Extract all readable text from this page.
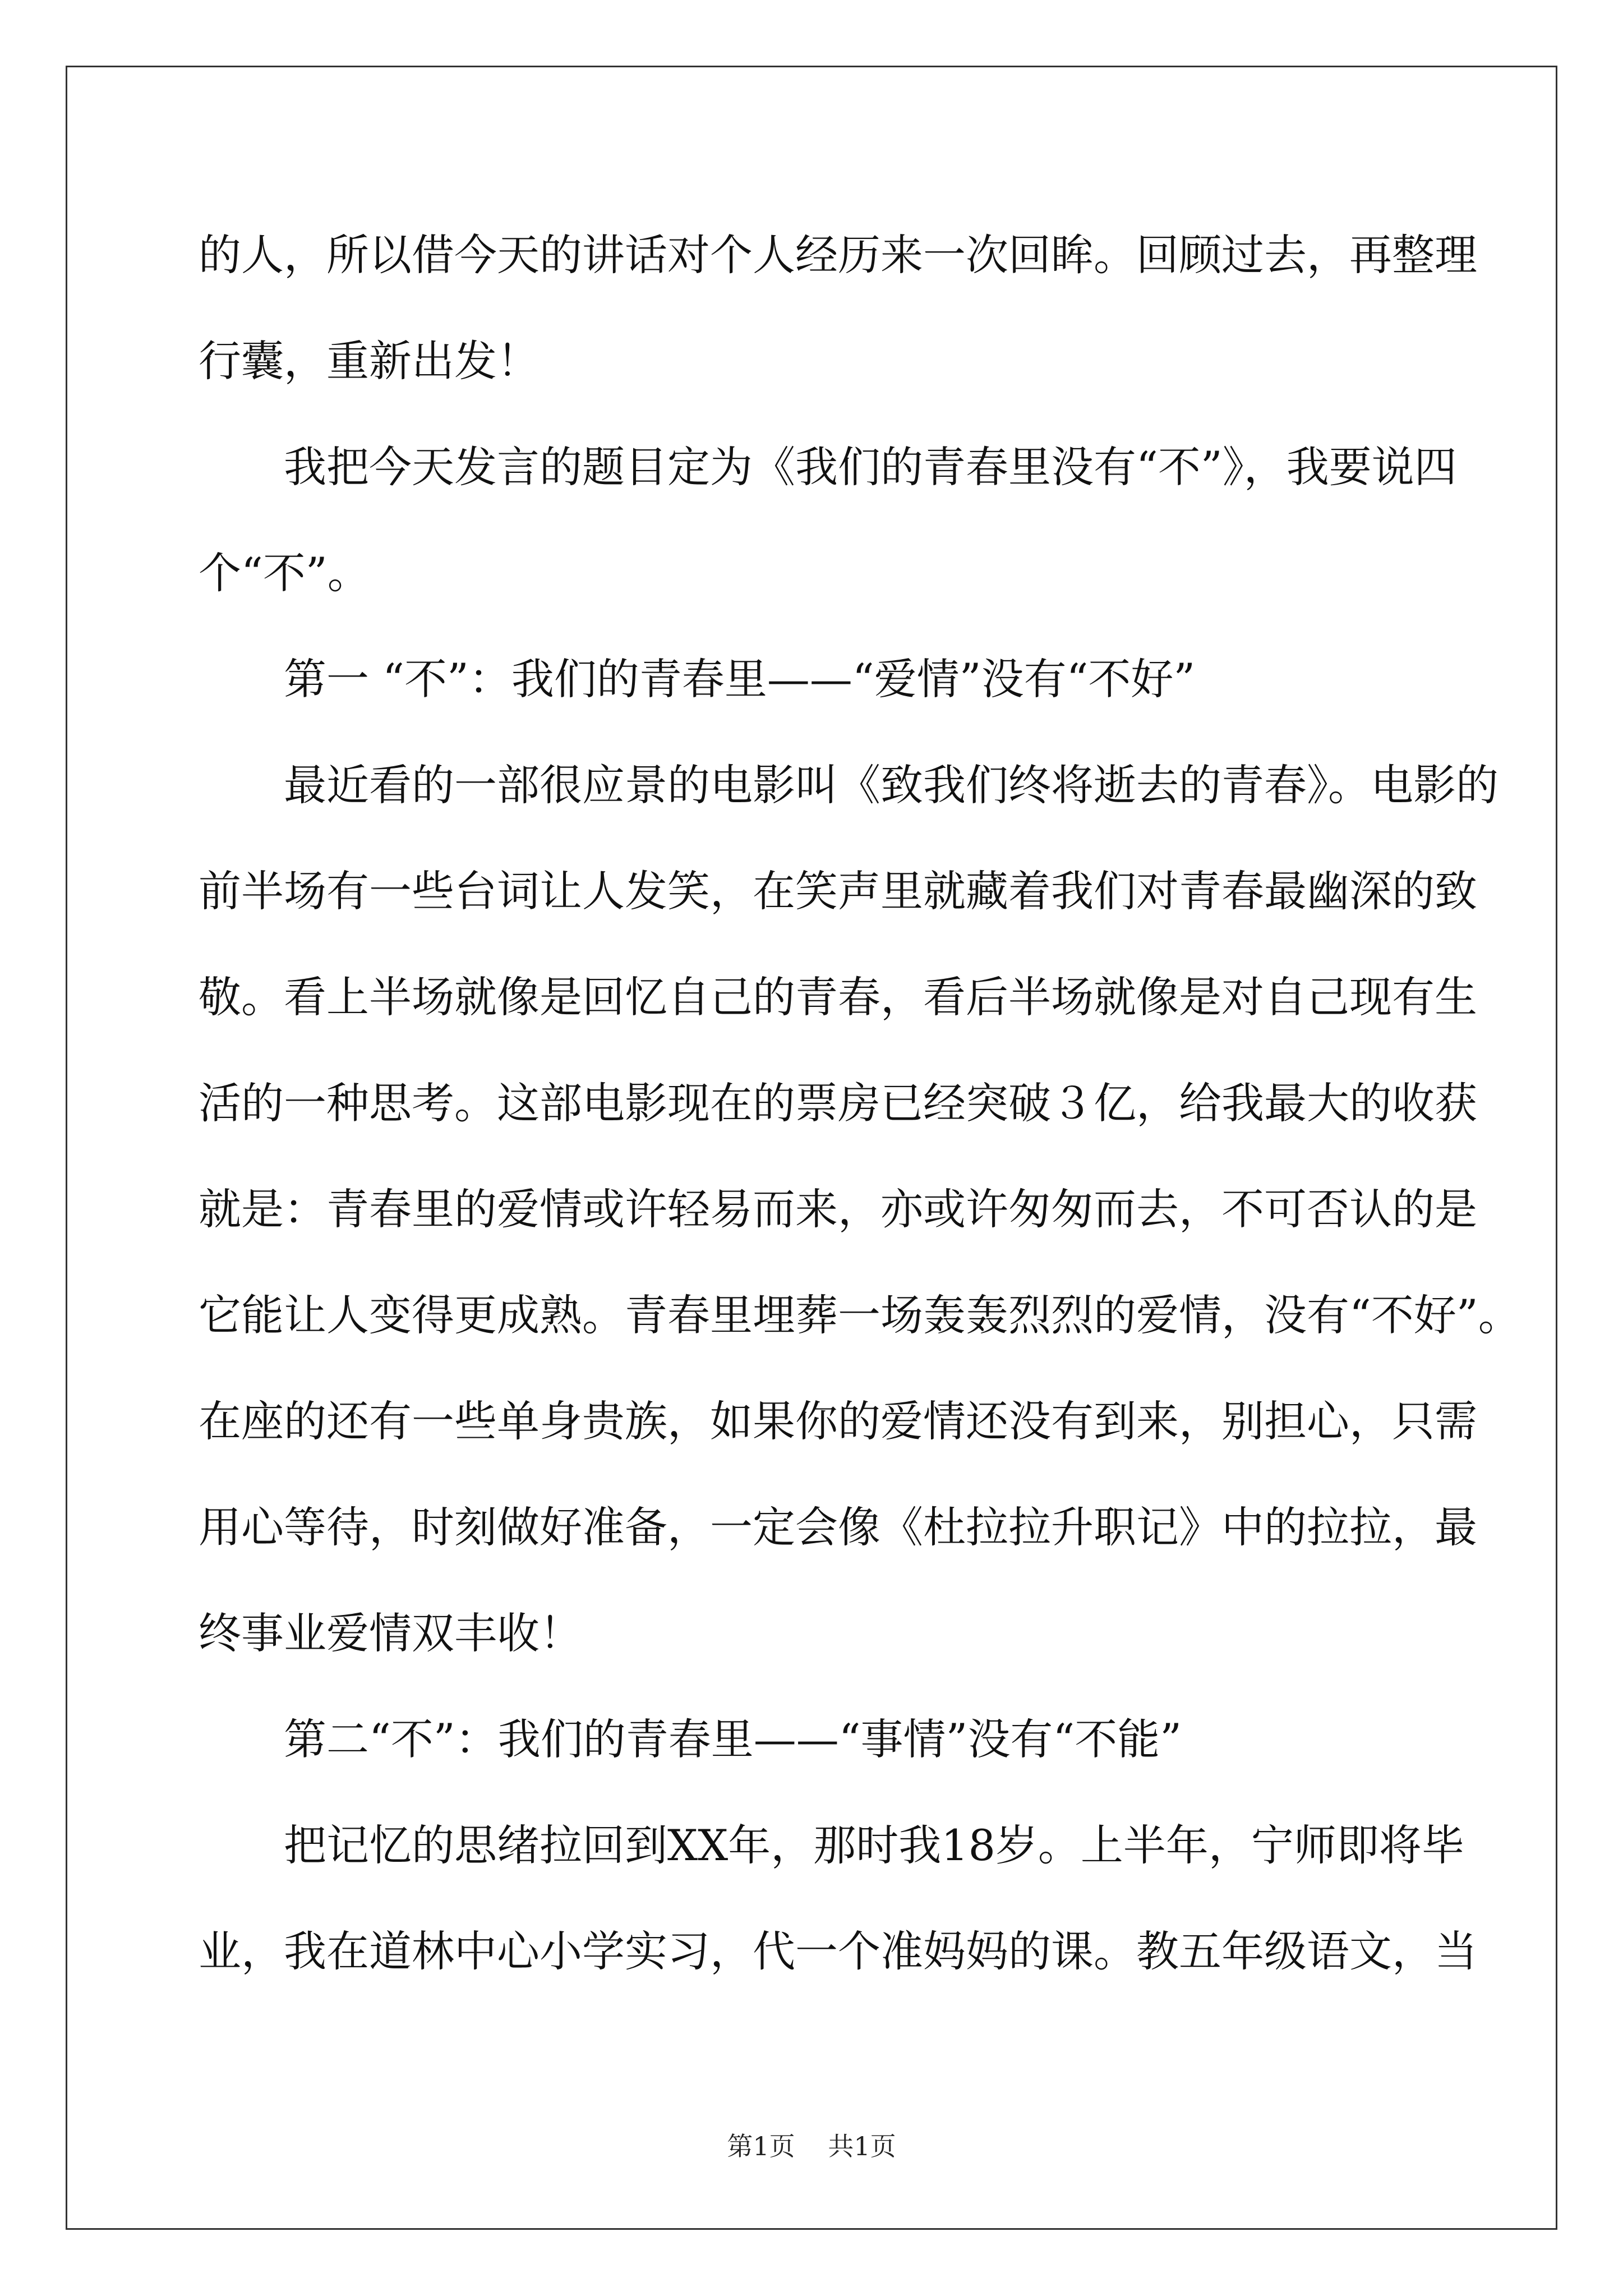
的人，所以借今天的讲话对个人经历来一次回眸。回顾过去，再整理
行囊，重新出发！
我把今天发言的题目定为《我们的青春里没有“不”》，我要说四
个“不”。
第一 “不”：我们的青春里——“爱情”没有“不好”
最近看的一部很应景的电影叫《致我们终将逝去的青春》。电影的
前半场有一些台词让人发笑，在笑声里就藏着我们对青春最幽深的致
敬。看上半场就像是回忆自己的青春，看后半场就像是对自己现有生
活的一种思考。这部电影现在的票房已经突破３亿，给我最大的收获
就是：青春里的爱情或许轻易而来，亦或许匆匆而去，不可否认的是
它能让人变得更成熟。青春里埋葬一场轰轰烈烈的爱情，没有“不好”。
在座的还有一些单身贵族，如果你的爱情还没有到来，别担心，只需
用心等待，时刻做好准备，一定会像《杜拉拉升职记》中的拉拉，最
终事业爱情双丰收！
第二“不”：我们的青春里——“事情”没有“不能”
把记忆的思绪拉回到XX年，那时我18岁。上半年，宁师即将毕
业，我在道林中心小学实习，代一个准妈妈的课。教五年级语文，当
第1页 共1页
